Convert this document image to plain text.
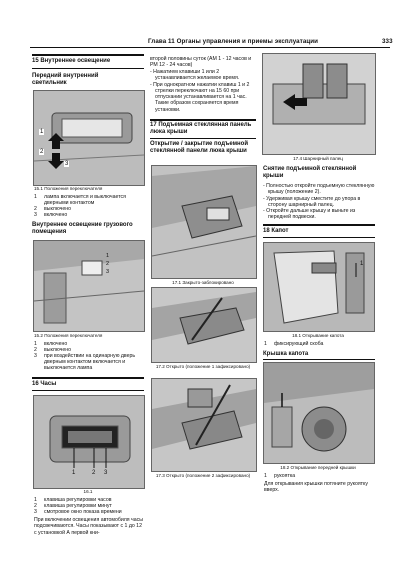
Глава 11 Органы управления и приемы эксплуатации	333
15 Внутреннее освещение
Передний внутренний светильник
1
2
3
15.1 Положения переключателя
1	лампа включается и выключается дверными контактом
2	выключено
3	включено
Внутреннее освещение грузового помещения
1
2
3
15.2 Положения переключателя
1	включено
2	выключено
3	при воздействии на одинарную дверь дверным контактом включается и выключается лампа
16 Часы
1	2 3
16.1
1	клавиша регулировки часов
2	клавиша регулировки минут
3	смотровое окно показа времени
При включении освещения автомобиля часы подсвечиваются. Часы показывают с 1 до 12 с установкой А первой кни-
второй половины суток (АМ 1 - 12 часов и РМ 12 - 24 часов)
- Нажатием клавиши 1 или 2 устанавливается желаемое время.
- При однократном нажатии клавиш 1 и 2 стрелки переключают на 15 60 при отпускании устанавливается на 1 час. Такие образом сохраняется время установки.
17 Подъемная стеклянная панель люка крыши
Открытие / закрытие подъемной стеклянной панели люка крыши
17.1 Закрыто-заблокировано
17.2 Открыто (положение 1 зафиксировано)
17.3 Открыто (положение 2 зафиксировано)
17.4 Шарнирный палец
Снятие подъемной стеклянной крыши
- Полностью откройте подъемную стеклянную крышу (положение 2).
- Удерживая крышу сместите до упора в сторону шарнирный палец.
- Откройте дальше крышу и выньте из передней подвески.
18 Капот
1
18.1 Открывание капота
1	фиксирующий скоба
Крышка капота
18.2 Открывание передней крышки
1	рукоятка
Для открывания крышки потяните рукоятку вверх.
